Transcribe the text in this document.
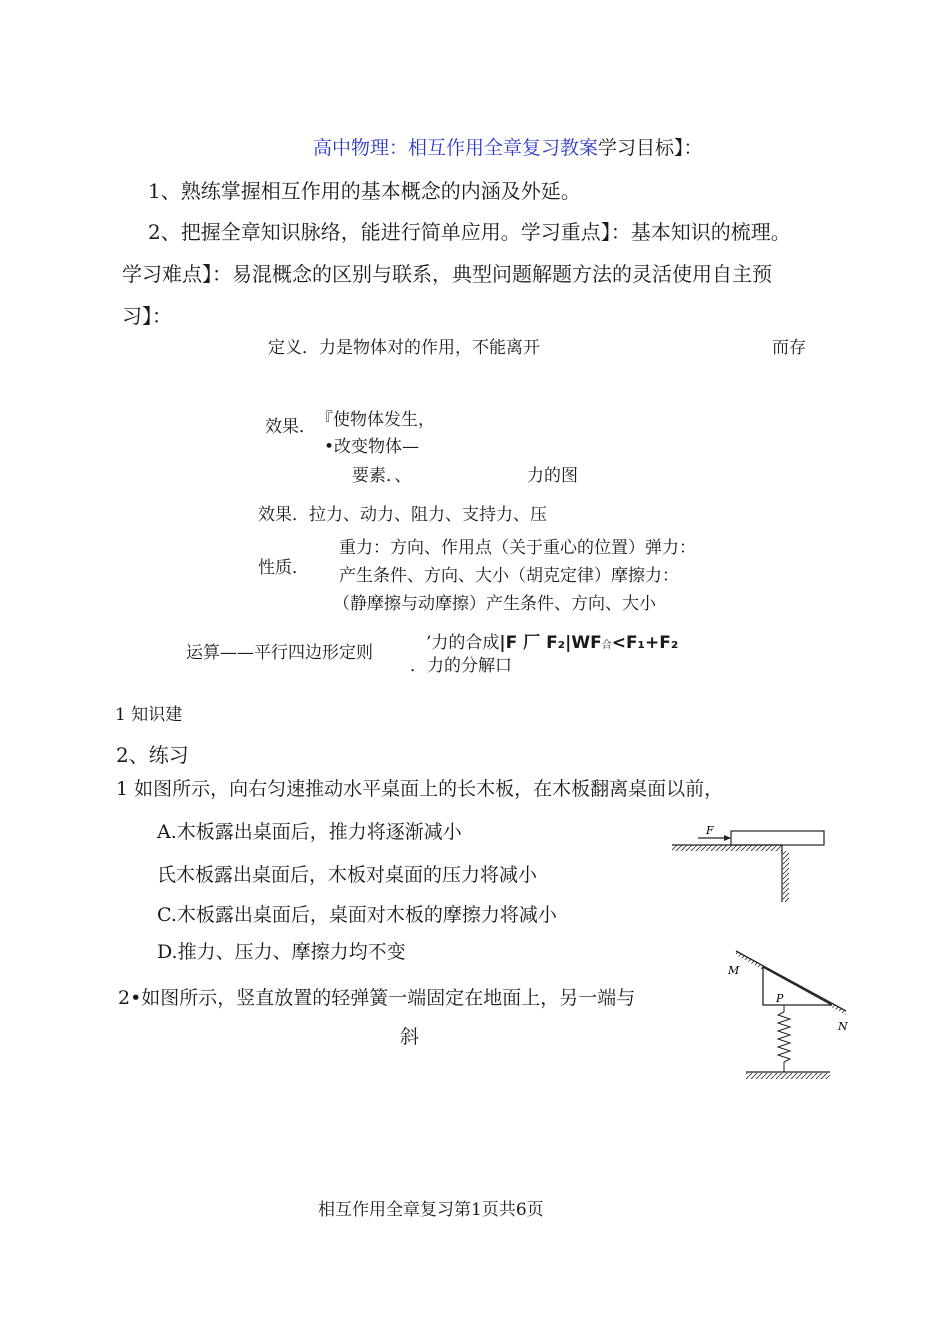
高中物理：相互作用全章复习教案学习目标】：
1、熟练掌握相互作用的基本概念的内涵及外延。
2、把握全章知识脉络，能进行简单应用。学习重点】：基本知识的梳理。
学习难点】：易混概念的区别与联系，典型问题解题方法的灵活使用自主预
习】：
定义．力是物体对的作用，不能离开	而存
效果． 『使物体发生，
•改变物体—
要素．、	力的图
效果．拉力、动力、阻力、支持力、压
性质．
重力：方向、作用点（关于重心的位置）弹力：
产生条件、方向、大小（胡克定律）摩擦力：
（静摩擦与动摩擦）产生条件、方向、大小
运算——平行四边形定则	’力的合成|F 厂 F₂|WF合<F₁+F₂
．力的分解口
1 知识建
2、练习
1 如图所示，向右匀速推动水平桌面上的长木板，在木板翻离桌面以前，
A.木板露出桌面后，推力将逐渐减小
氏木板露出桌面后，木板对桌面的压力将减小
C.木板露出桌面后，桌面对木板的摩擦力将减小
D.推力、压力、摩擦力均不变
F
2•如图所示，竖直放置的轻弹簧一端固定在地面上，另一端与
斜
M
P
N
相互作用全章复习第1页共6页
